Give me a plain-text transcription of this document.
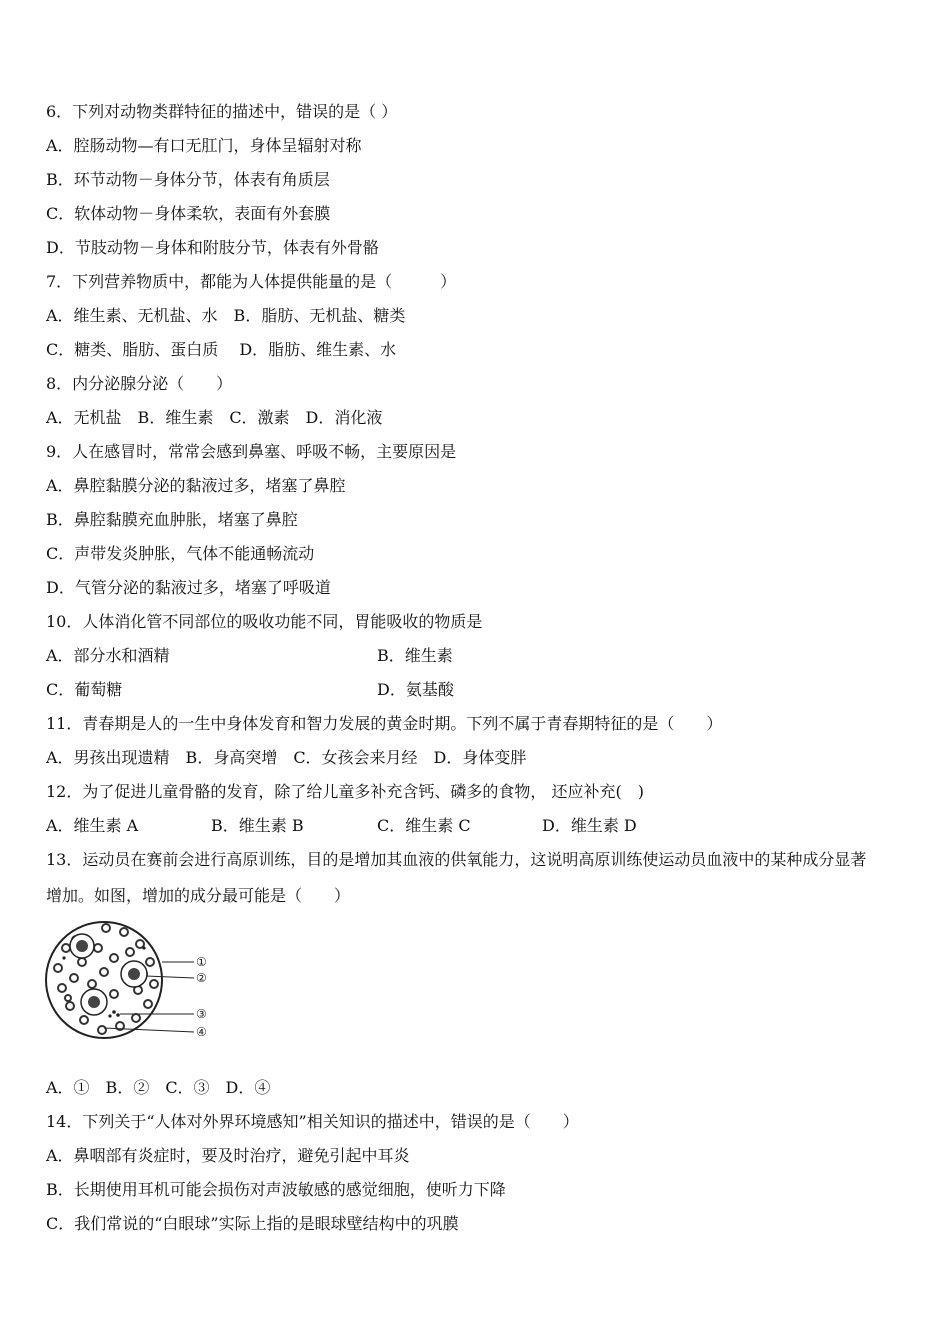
6．下列对动物类群特征的描述中，错误的是（ ）
A．腔肠动物—有口无肛门，身体呈辐射对称
B．环节动物－身体分节，体表有角质层
C．软体动物－身体柔软，表面有外套膜
D．节肢动物－身体和附肢分节，体表有外骨骼
7．下列营养物质中，都能为人体提供能量的是（　　　）
A．维生素、无机盐、水　B．脂肪、无机盐、糖类
C．糖类、脂肪、蛋白质　 D．脂肪、维生素、水
8．内分泌腺分泌（　　）
A．无机盐　B．维生素　C．激素　D．消化液
9．人在感冒时，常常会感到鼻塞、呼吸不畅，主要原因是
A．鼻腔黏膜分泌的黏液过多，堵塞了鼻腔
B．鼻腔黏膜充血肿胀，堵塞了鼻腔
C．声带发炎肿胀，气体不能通畅流动
D．气管分泌的黏液过多，堵塞了呼吸道
10．人体消化管不同部位的吸收功能不同，胃能吸收的物质是
A．部分水和酒精	B．维生素
C．葡萄糖	D．氨基酸
11．青春期是人的一生中身体发育和智力发展的黄金时期。下列不属于青春期特征的是（　　）
A．男孩出现遗精　B．身高突增　C．女孩会来月经　D．身体变胖
12．为了促进儿童骨骼的发育，除了给儿童多补充含钙、磷多的食物， 还应补充(　)
A．维生素 A	B．维生素 B	C．维生素 C	D．维生素 D
13．运动员在赛前会进行高原训练，目的是增加其血液的供氧能力，这说明高原训练使运动员血液中的某种成分显著
增加。如图，增加的成分最可能是（　　）
①
②
③
④
A．①　B．②　C．③　D．④
14．下列关于“人体对外界环境感知”相关知识的描述中，错误的是（　　）
A．鼻咽部有炎症时，要及时治疗，避免引起中耳炎
B．长期使用耳机可能会损伤对声波敏感的感觉细胞，使听力下降
C．我们常说的“白眼球”实际上指的是眼球壁结构中的巩膜
